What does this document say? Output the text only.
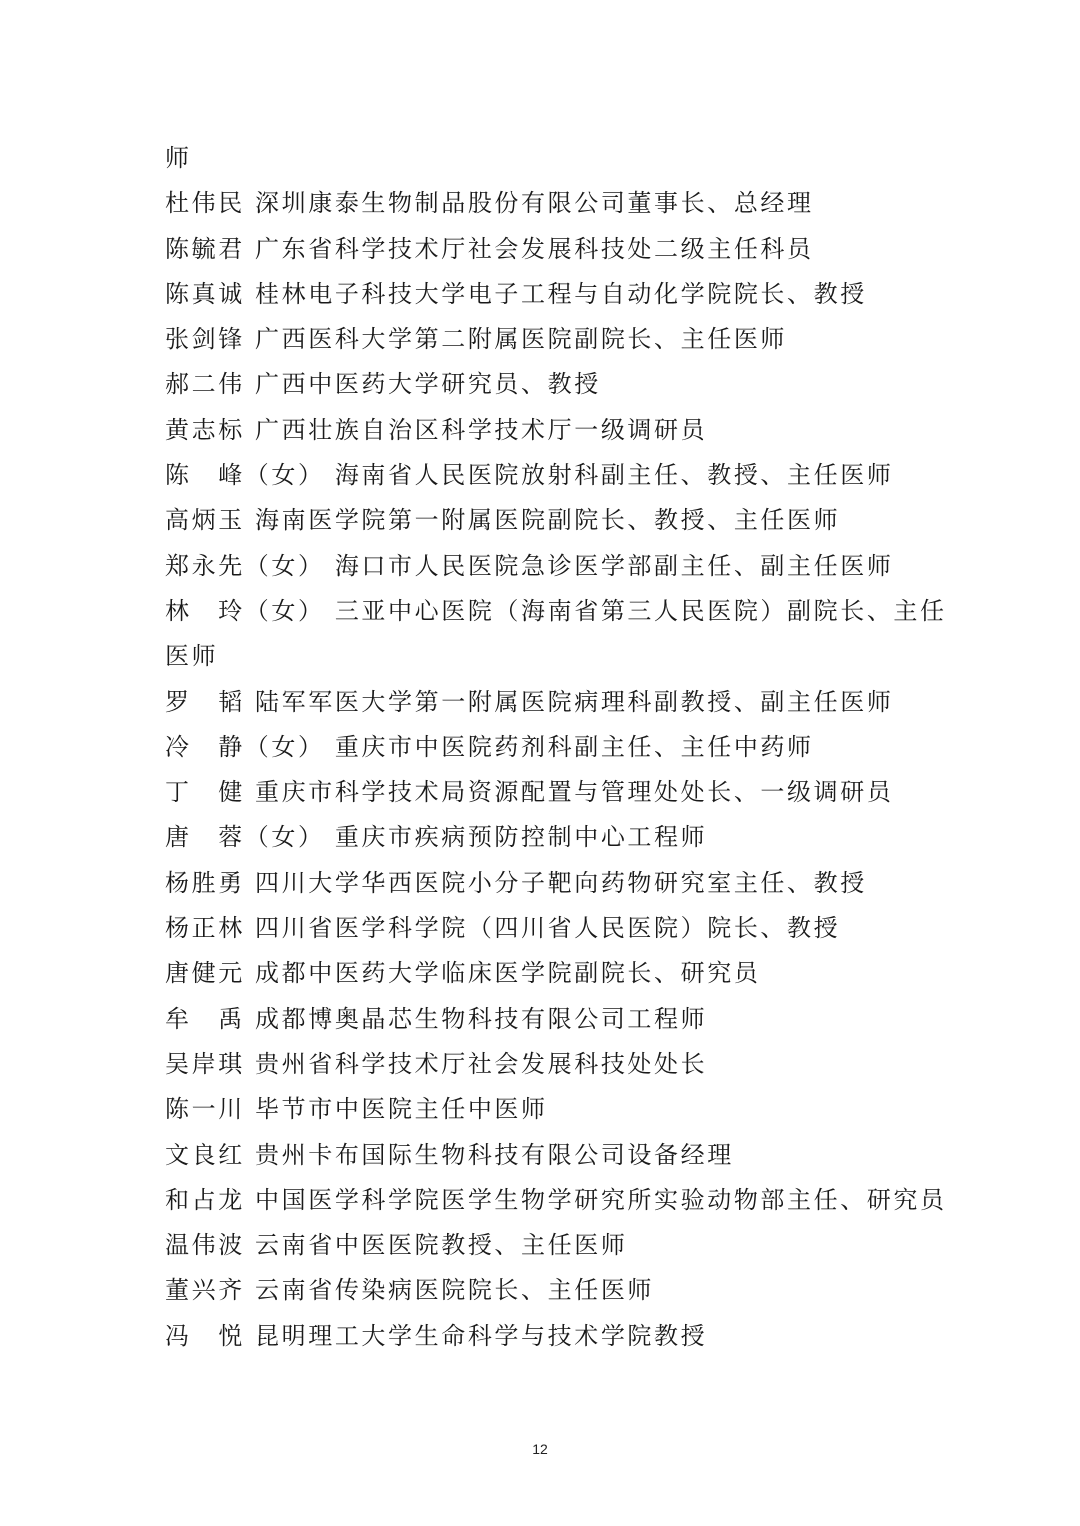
师
杜伟民 深圳康泰生物制品股份有限公司董事长、总经理
陈毓君 广东省科学技术厅社会发展科技处二级主任科员
陈真诚 桂林电子科技大学电子工程与自动化学院院长、教授
张剑锋 广西医科大学第二附属医院副院长、主任医师
郝二伟 广西中医药大学研究员、教授
黄志标 广西壮族自治区科学技术厅一级调研员
陈　峰（女） 海南省人民医院放射科副主任、教授、主任医师
高炳玉 海南医学院第一附属医院副院长、教授、主任医师
郑永先（女） 海口市人民医院急诊医学部副主任、副主任医师
林　玲（女） 三亚中心医院（海南省第三人民医院）副院长、主任
医师
罗　韬 陆军军医大学第一附属医院病理科副教授、副主任医师
冷　静（女） 重庆市中医院药剂科副主任、主任中药师
丁　健 重庆市科学技术局资源配置与管理处处长、一级调研员
唐　蓉（女） 重庆市疾病预防控制中心工程师
杨胜勇 四川大学华西医院小分子靶向药物研究室主任、教授
杨正林 四川省医学科学院（四川省人民医院）院长、教授
唐健元 成都中医药大学临床医学院副院长、研究员
牟　禹 成都博奥晶芯生物科技有限公司工程师
吴岸琪 贵州省科学技术厅社会发展科技处处长
陈一川 毕节市中医院主任中医师
文良红 贵州卡布国际生物科技有限公司设备经理
和占龙 中国医学科学院医学生物学研究所实验动物部主任、研究员
温伟波 云南省中医医院教授、主任医师
董兴齐 云南省传染病医院院长、主任医师
冯　悦 昆明理工大学生命科学与技术学院教授
12
